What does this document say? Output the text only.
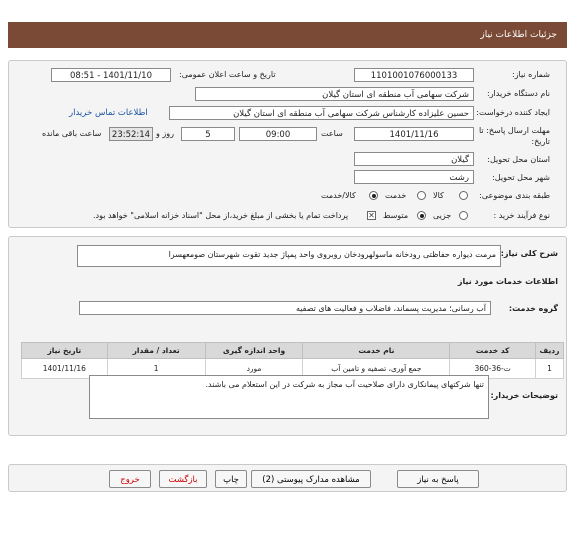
جزئیات اطلاعات نیاز
شماره نیاز:
1101001076000133
تاریخ و ساعت اعلان عمومی:
1401/11/10 - 08:51
نام دستگاه خریدار:
شرکت سهامی آب منطقه ای استان گیلان
ایجاد کننده درخواست:
حسین علیزاده کارشناس شرکت سهامی آب منطقه ای استان گیلان
اطلاعات تماس خریدار
مهلت ارسال پاسخ: تا
تاریخ:
1401/11/16
ساعت
09:00
5
روز و
23:52:14
ساعت باقی مانده
استان محل تحویل:
گیلان
شهر محل تحویل:
رشت
طبقه بندی موضوعی:
کالا
خدمت
کالا/خدمت
نوع فرآیند خرید :
جزیی
متوسط
✕
پرداخت تمام یا بخشی از مبلغ خرید،از محل "اسناد خزانه اسلامی" خواهد بود.
شرح کلی نیاز:
مرمت دیواره حفاظتی رودخانه ماسولهرودخان روبروی واحد پمپاژ جدید تقوت شهرستان صومعهسرا
اطلاعات خدمات مورد نیاز
گروه خدمت:
آب رسانی؛ مدیریت پسماند، فاضلاب و فعالیت های تصفیه
ردیف	کد خدمت	نام خدمت	واحد اندازه گیری	تعداد / مقدار	تاریخ نیاز
1	ت-36-360	جمع آوری، تصفیه و تامین آب	مورد	1	1401/11/16
توضیحات خریدار:
تنها شرکتهای پیمانکاری دارای صلاحیت آب مجاز به شرکت در این استعلام می باشند.
پاسخ به نیاز
مشاهده مدارک پیوستی (2)
چاپ
بازگشت
خروج
